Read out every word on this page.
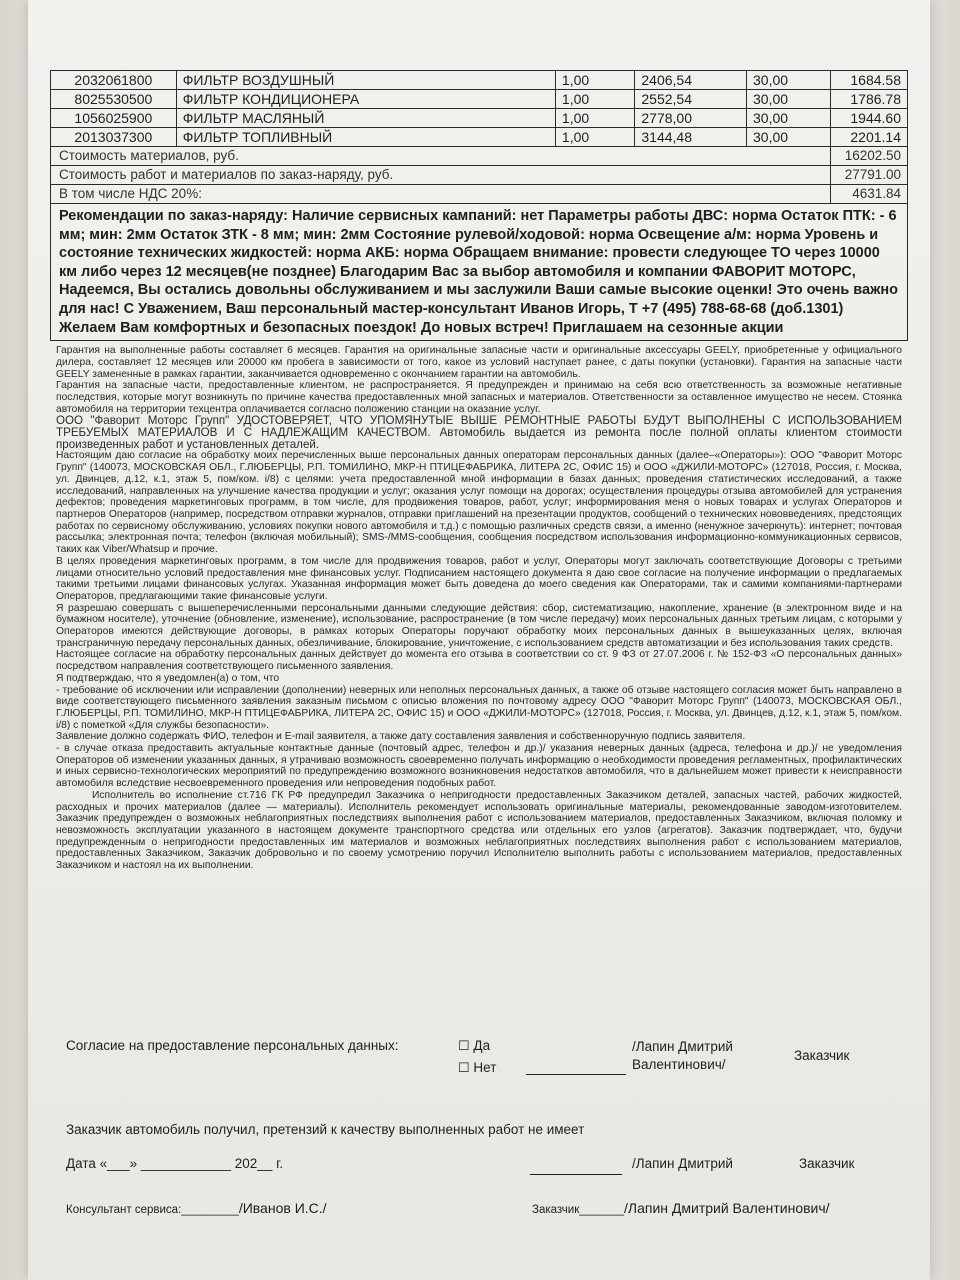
2032061800	ФИЛЬТР ВОЗДУШНЫЙ	1,00	2406,54	30,00	1684.58
8025530500	ФИЛЬТР КОНДИЦИОНЕРА	1,00	2552,54	30,00	1786.78
1056025900	ФИЛЬТР МАСЛЯНЫЙ	1,00	2778,00	30,00	1944.60
2013037300	ФИЛЬТР ТОПЛИВНЫЙ	1,00	3144,48	30,00	2201.14
Стоимость материалов, руб.					16202.50
Стоимость работ и материалов по заказ-наряду, руб.					27791.00
В том числе НДС 20%:					4631.84
Рекомендации по заказ-наряду: Наличие сервисных кампаний: нет Параметры работы ДВС: норма Остаток ПТК: - 6 мм; мин: 2мм Остаток ЗТК - 8 мм; мин: 2мм Состояние рулевой/ходовой: норма Освещение а/м: норма Уровень и состояние технических жидкостей: норма АКБ: норма Обращаем внимание: провести следующее ТО через 10000 км либо через 12 месяцев(не позднее) Благодарим Вас за выбор автомобиля и компании ФАВОРИТ МОТОРС, Надеемся, Вы остались довольны обслуживанием и мы заслужили Ваши самые высокие оценки! Это очень важно для нас! С Уважением, Ваш персональный мастер-консультант Иванов Игорь, Т +7 (495) 788-68-68 (доб.1301) Желаем Вам комфортных и безопасных поездок! До новых встреч! Приглашаем на сезонные акции					

Гарантия на выполненные работы составляет 6 месяцев. Гарантия на оригинальные запасные части и оригинальные аксессуары GEELY, приобретенные у официального дилера, составляет 12 месяцев или 20000 км пробега в зависимости от того, какое из условий наступает ранее, с даты покупки (установки). Гарантия на запасные части GEELY замененные в рамках гарантии, заканчивается одновременно с окончанием гарантии на автомобиль.

Гарантия на запасные части, предоставленные клиентом, не распространяется. Я предупрежден и принимаю на себя всю ответственность за возможные негативные последствия, которые могут возникнуть по причине качества предоставленных мной запасных и материалов. Ответственности за оставленное имущество не несем. Стоянка автомобиля на территории техцентра оплачивается согласно положению станции на оказание услуг.

ООО "Фаворит Моторс Групп" УДОСТОВЕРЯЕТ, ЧТО УПОМЯНУТЫЕ ВЫШЕ РЕМОНТНЫЕ РАБОТЫ БУДУТ ВЫПОЛНЕНЫ С ИСПОЛЬЗОВАНИЕМ ТРЕБУЕМЫХ МАТЕРИАЛОВ И С НАДЛЕЖАЩИМ КАЧЕСТВОМ. Автомобиль выдается из ремонта после полной оплаты клиентом стоимости произведенных работ и установленных деталей.

Настоящим даю согласие на обработку моих перечисленных выше персональных данных операторам персональных данных (далее–«Операторы»): ООО "Фаворит Моторс Групп" (140073, МОСКОВСКАЯ ОБЛ., Г.ЛЮБЕРЦЫ, Р.П. ТОМИЛИНО, МКР-Н ПТИЦЕФАБРИКА, ЛИТЕРА 2С, ОФИС 15) и ООО «ДЖИЛИ-МОТОРС» (127018, Россия, г. Москва, ул. Двинцев, д.12, к.1, этаж 5, пом/ком. i/8) с целями: учета предоставленной мной информации в базах данных; проведения статистических исследований, а также исследований, направленных на улучшение качества продукции и услуг; оказания услуг помощи на дорогах; осуществления процедуры отзыва автомобилей для устранения дефектов; проведения маркетинговых программ, в том числе, для продвижения товаров, работ, услуг; информирования меня о новых товарах и услугах Операторов и партнеров Операторов (например, посредством отправки журналов, отправки приглашений на презентации продуктов, сообщений о технических нововведениях, предстоящих работах по сервисному обслуживанию, условиях покупки нового автомобиля и т.д.) с помощью различных средств связи, а именно (ненужное зачеркнуть): интернет; почтовая рассылка; электронная почта; телефон (включая мобильный); SMS-/MMS-сообщения, сообщения посредством использования информационно-коммуникационных сервисов, таких как Viber/Whatsup и прочие.

В целях проведения маркетинговых программ, в том числе для продвижения товаров, работ и услуг, Операторы могут заключать соответствующие Договоры с третьими лицами относительно условий предоставления мне финансовых услуг. Подписанием настоящего документа я даю свое согласие на получение информации о предлагаемых такими третьими лицами финансовых услугах. Указанная информация может быть доведена до моего сведения как Операторами, так и самими компаниями-партнерами Операторов, предлагающими такие финансовые услуги.

Я разрешаю совершать с вышеперечисленными персональными данными следующие действия: сбор, систематизацию, накопление, хранение (в электронном виде и на бумажном носителе), уточнение (обновление, изменение), использование, распространение (в том числе передачу) моих персональных данных третьим лицам, с которыми у Операторов имеются действующие договоры, в рамках которых Операторы поручают обработку моих персональных данных в вышеуказанных целях, включая трансграничную передачу персональных данных, обезличивание, блокирование, уничтожение, с использованием средств автоматизации и без использования таких средств.

Настоящее согласие на обработку персональных данных действует до момента его отзыва в соответствии со ст. 9 ФЗ от 27.07.2006 г. № 152-ФЗ «О персональных данных» посредством направления соответствующего письменного заявления.

Я подтверждаю, что я уведомлен(а) о том, что

- требование об исключении или исправлении (дополнении) неверных или неполных персональных данных, а также об отзыве настоящего согласия может быть направлено в виде соответствующего письменного заявления заказным письмом с описью вложения по почтовому адресу ООО "Фаворит Моторс Групп" (140073, МОСКОВСКАЯ ОБЛ., Г.ЛЮБЕРЦЫ, Р.П. ТОМИЛИНО, МКР-Н ПТИЦЕФАБРИКА, ЛИТЕРА 2С, ОФИС 15) и ООО «ДЖИЛИ-МОТОРС» (127018, Россия, г. Москва, ул. Двинцев, д.12, к.1, этаж 5, пом/ком. i/8) с пометкой «Для службы безопасности».

Заявление должно содержать ФИО, телефон и E-mail заявителя, а также дату составления заявления и собственноручную подпись заявителя.

- в случае отказа предоставить актуальные контактные данные (почтовый адрес, телефон и др.)/ указания неверных данных (адреса, телефона и др.)/ не уведомления Операторов об изменении указанных данных, я утрачиваю возможность своевременно получать информацию о необходимости проведения регламентных, профилактических и иных сервисно-технологических мероприятий по предупреждению возможного возникновения недостатков автомобиля, что в дальнейшем может привести к неисправности автомобиля вследствие несвоевременного проведения или непроведения подобных работ.

Исполнитель во исполнение ст.716 ГК РФ предупредил Заказчика о непригодности предоставленных Заказчиком деталей, запасных частей, рабочих жидкостей, расходных и прочих материалов (далее — материалы). Исполнитель рекомендует использовать оригинальные материалы, рекомендованные заводом-изготовителем. Заказчик предупрежден о возможных неблагоприятных последствиях выполнения работ с использованием материалов, предоставленных Заказчиком, включая поломку и невозможность эксплуатации указанного в настоящем документе транспортного средства или отдельных его узлов (агрегатов). Заказчик подтверждает, что, будучи предупрежденным о непригодности предоставленных им материалов и возможных неблагоприятных последствиях выполнения работ с использованием материалов, предоставленных Заказчиком, Заказчик добровольно и по своему усмотрению поручил Исполнителю выполнить работы с использованием материалов, предоставленных Заказчиком и настоял на их выполнении.

Согласие на предоставление персональных данных:	☐ Да
☐ Нет
/Лапин Дмитрий
Валентинович/
Заказчик
Заказчик автомобиль получил, претензий к качеству выполненных работ не имеет
Дата «___» ____________ 202__ г.	/Лапин Дмитрий	Заказчик
Консультант сервиса:_________/Иванов И.С./	Заказчик_______/Лапин Дмитрий Валентинович/
